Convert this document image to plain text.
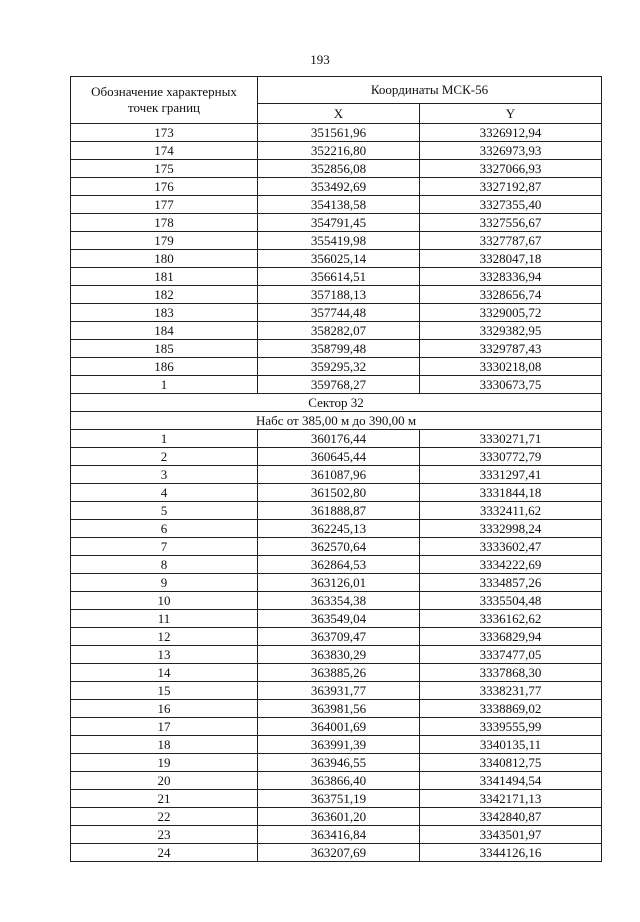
193
Обозначение характерных точек границ	Координаты МСК-56	
	X	Y
173	351561,96	3326912,94
174	352216,80	3326973,93
175	352856,08	3327066,93
176	353492,69	3327192,87
177	354138,58	3327355,40
178	354791,45	3327556,67
179	355419,98	3327787,67
180	356025,14	3328047,18
181	356614,51	3328336,94
182	357188,13	3328656,74
183	357744,48	3329005,72
184	358282,07	3329382,95
185	358799,48	3329787,43
186	359295,32	3330218,08
1	359768,27	3330673,75
Сектор 32		
Набс от 385,00 м до 390,00 м		
1	360176,44	3330271,71
2	360645,44	3330772,79
3	361087,96	3331297,41
4	361502,80	3331844,18
5	361888,87	3332411,62
6	362245,13	3332998,24
7	362570,64	3333602,47
8	362864,53	3334222,69
9	363126,01	3334857,26
10	363354,38	3335504,48
11	363549,04	3336162,62
12	363709,47	3336829,94
13	363830,29	3337477,05
14	363885,26	3337868,30
15	363931,77	3338231,77
16	363981,56	3338869,02
17	364001,69	3339555,99
18	363991,39	3340135,11
19	363946,55	3340812,75
20	363866,40	3341494,54
21	363751,19	3342171,13
22	363601,20	3342840,87
23	363416,84	3343501,97
24	363207,69	3344126,16
